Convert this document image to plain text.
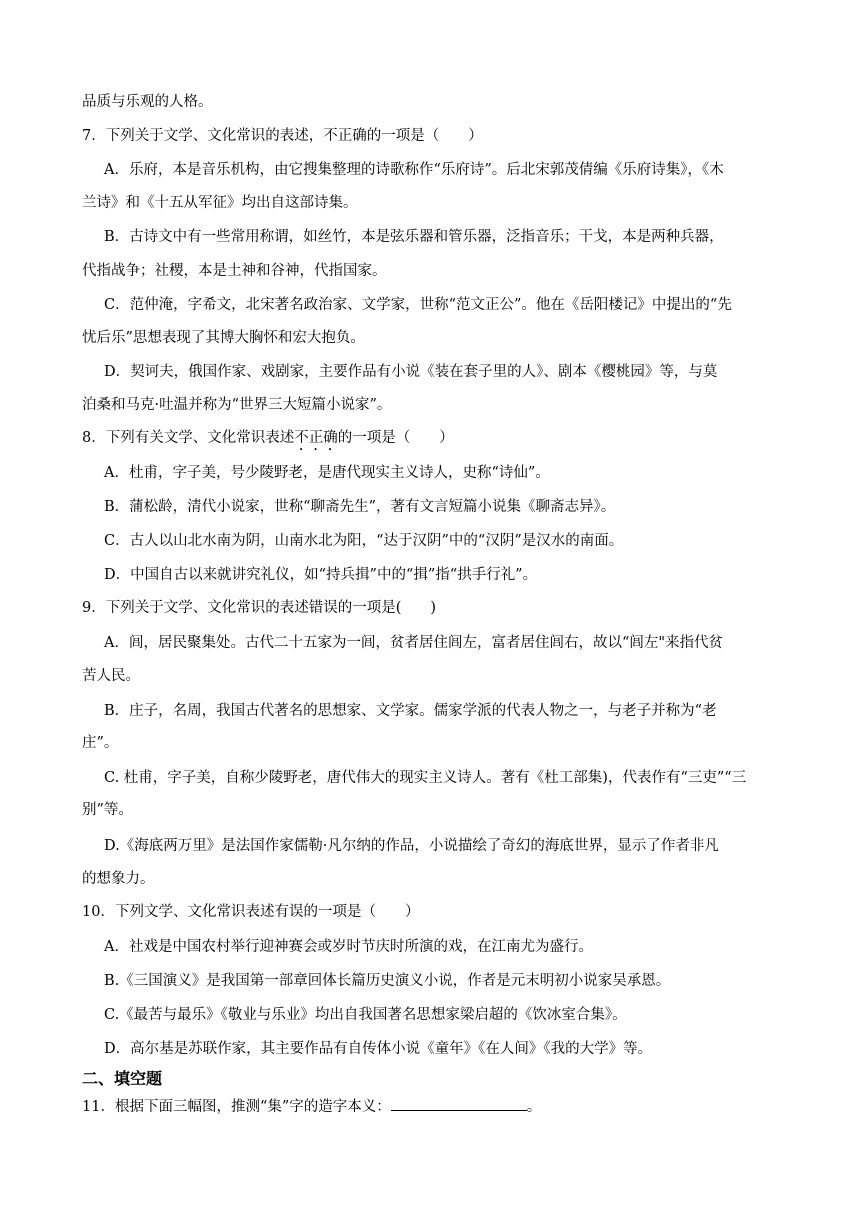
品质与乐观的人格。
7．下列关于文学、文化常识的表述，不正确的一项是（　　）
A．乐府，本是音乐机构，由它搜集整理的诗歌称作“乐府诗”。后北宋郭茂倩编《乐府诗集》，《木
兰诗》和《十五从军征》均出自这部诗集。
B．古诗文中有一些常用称谓，如丝竹，本是弦乐器和管乐器，泛指音乐；干戈，本是两种兵器，
代指战争；社稷，本是土神和谷神，代指国家。
C．范仲淹，字希文，北宋著名政治家、文学家，世称“范文正公”。他在《岳阳楼记》中提出的“先
忧后乐”思想表现了其博大胸怀和宏大抱负。
D．契诃夫，俄国作家、戏剧家，主要作品有小说《装在套子里的人》、剧本《樱桃园》等，与莫
泊桑和马克·吐温并称为“世界三大短篇小说家”。
8．下列有关文学、文化常识表述不正确的一项是（　　）
A．杜甫，字子美，号少陵野老，是唐代现实主义诗人，史称“诗仙”。
B．蒲松龄，清代小说家，世称“聊斋先生”，著有文言短篇小说集《聊斋志异》。
C．古人以山北水南为阴，山南水北为阳，“达于汉阴”中的“汉阴”是汉水的南面。
D．中国自古以来就讲究礼仪，如“持兵揖”中的“揖”指“拱手行礼”。
9．下列关于文学、文化常识的表述错误的一项是(　　)
A．闾，居民聚集处。古代二十五家为一闾，贫者居住闾左，富者居住闾右，故以“闾左"来指代贫
苦人民。
B．庄子，名周，我国古代著名的思想家、文学家。儒家学派的代表人物之一，与老子并称为“老
庄”。
C. 杜甫，字子美，自称少陵野老，唐代伟大的现实主义诗人。著有《杜工部集)，代表作有“三吏”“三
别”等。
D.《海底两万里》是法国作家儒勒·凡尔纳的作品，小说描绘了奇幻的海底世界，显示了作者非凡
的想象力。
10．下列文学、文化常识表述有误的一项是（　　）
A．社戏是中国农村举行迎神赛会或岁时节庆时所演的戏，在江南尤为盛行。
B.《三国演义》是我国第一部章回体长篇历史演义小说，作者是元末明初小说家吴承恩。
C.《最苦与最乐》《敬业与乐业》均出自我国著名思想家梁启超的《饮冰室合集》。
D．高尔基是苏联作家，其主要作品有自传体小说《童年》《在人间》《我的大学》等。
二、填空题
11．根据下面三幅图，推测“集”字的造字本义：	。
